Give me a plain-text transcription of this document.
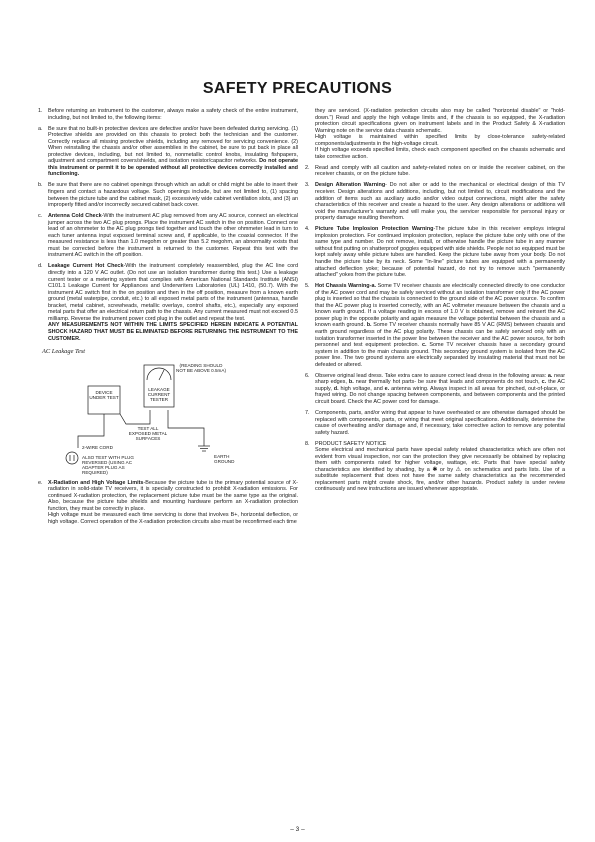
SAFETY PRECAUTIONS
1.	Before returning an instrument to the customer, always make a safety check of the entire instrument, including, but not limited to, the following items:
a.	Be sure that no built-in protective devices are defective and/or have been defeated during servicing. (1) Protective shields are provided on this chassis to protect both the technician and the customer. Correctly replace all missing protective shields, including any removed for servicing convenience. (2) When reinstalling the chassis and/or other assemblies in the cabinet, be sure to put back in place all protective devices, including, but not limited to, nonmetallic control knobs, insulating fishpapers, adjustment and compartment covers/shields, and isolation resistor/capacitor networks. Do not operate this instrument or permit it to be operated without all protective devices correctly installed and functioning.
b.	Be sure that there are no cabinet openings through which an adult or child might be able to insert their fingers and contact a hazardous voltage. Such openings include, but are not limited to, (1) spacing between the picture tube and the cabinet mask, (2) excessively wide cabinet ventilation slots, and (3) an improperly fitted and/or incorrectly secured cabinet back cover.
c.	Antenna Cold Check-With the instrument AC plug removed from any AC source, connect an electrical jumper across the two AC plug prongs. Place the instrument AC switch in the on position. Connect one lead of an ohmmeter to the AC plug prongs tied together and touch the other ohmmeter lead in turn to each tuner antenna input exposed terminal screw and, if applicable, to the coaxial connector. If the measured resistance is less than 1.0 megohm or greater than 5.2 megohm, an abnormality exists that must be corrected before the instrument is returned to the customer. Repeat this test with the instrument AC switch in the off position.
d.	Leakage Current Hot Check-With the instrument completely reassembled, plug the AC line cord directly into a 120 V AC outlet. (Do not use an isolation transformer during this test.) Use a leakage current tester or a metering system that complies with American National Standards Institute (ANSI) C101.1 Leakage Current for Appliances and Underwriters Laboratories (UL) 1410, (50.7). With the instrument AC switch first in the on position and then in the off position, measure from a known earth ground (metal waterpipe, conduit, etc.) to all exposed metal parts of the instrument (antennas, handle bracket, metal cabinet, screwheads, metallic overlays, control shafts, etc.), especially any exposed metal parts that offer an electrical return path to the chassis. Any current measured must not exceed 0.5 milliamp. Reverse the instrument power cord plug in the outlet and repeat the test.
ANY MEASUREMENTS NOT WITHIN THE LIMITS SPECIFIED HEREIN INDICATE A POTENTIAL SHOCK HAZARD THAT MUST BE ELIMINATED BEFORE RETURNING THE INSTRUMENT TO THE CUSTOMER.
AC Leakage Test
(READING SHOULD NOT BE ABOVE 0.5mA)
LEAKAGE CURRENT TESTER
DEVICE UNDER TEST
TEST ALL EXPOSED METAL SURFACES
2-WIRE CORD
ALSO TEST WITH PLUG REVERSED (USING AC ADAPTER PLUG AS REQUIRED)
EARTH GROUND
e.	X-Radiation and High Voltage Limits-Because the picture tube is the primary potential source of X-radiation in solid-state TV receivers, it is specially constructed to prohibit X-radiation emissions. For continued X-radiation protection, the replacement picture tube must be the same type as the original. Also, because the picture tube shields and mounting hardware perform an X-radiation protection function, they must be correctly in place.
High voltage must be measured each time servicing is done that involves B+, horizontal deflection, or high voltage. Correct operation of the X-radiation protection circuits also must be reconfirmed each time

they are serviced. (X-radiation protection circuits also may be called "horizontal disable" or "hold-down.") Read and apply the high voltage limits and, if the chassis is so equipped, the X-radiation protection circuit specifications given on instrument labels and in the Product Safety & X-radiation Warning note on the service data chassis schematic.

High voltage is maintained within specified limits by close-tolerance safety-related components/adjustments in the high-voltage circuit.

If high voltage exceeds specified limits, check each component specified on the chassis schematic and take corrective action.

2.	Read and comply with all caution and safety-related notes on or inside the receiver cabinet, on the receiver chassis, or on the picture tube.
3.	Design Alteration Warning- Do not alter or add to the mechanical or electrical design of this TV receiver. Design alterations and additions, including, but not limited to, circuit modifications and the addition of items such as auxiliary audio and/or video output connections, might alter the safety characteristics of this receiver and create a hazard to the user. Any design alterations or additions will void the manufacturer's warranty and will make you, the servicer responsible for personal injury or property damage resulting therefrom.
4.	Picture Tube Implosion Protection Warning-The picture tube in this receiver employs integral implosion protection. For continued implosion protection, replace the picture tube only with one of the same type and number. Do not remove, install, or otherwise handle the picture tube in any manner without first putting on shatterproof goggles equipped with side shields. People not so equipped must be kept safely away while picture tubes are handled. Keep the picture tube away from your body. Do not handle the picture tube by its neck. Some "in-line" picture tubes are equipped with a permanently attached deflection yoke; because of potential hazard, do not try to remove such "permanently attached" yokes from the picture tube.
5.	Hot Chassis Warning-a. Some TV receiver chassis are electrically connected directly to one conductor of the AC power cord and may be safely serviced without an isolation transformer only if the AC power plug is inserted so that the chassis is connected to the ground side of the AC power source. To confirm that the AC power plug is inserted correctly, with an AC voltmeter measure between the chassis and a known earth ground. If a voltage reading in excess of 1.0 V is obtained, remove and reinsert the AC power plug in the opposite polarity and again measure the voltage potential between the chassis and a known earth ground. b. Some TV receiver chassis normally have 85 V AC (RMS) between chassis and earth ground regardless of the AC plug polarity. These chassis can be safely serviced only with an isolation transformer inserted in the power line between the receiver and the AC power source, for both personnel and test equipment protection. c. Some TV receiver chassis have a secondary ground system in addition to the main chassis ground. This secondary ground system is isolated from the AC power line. The two ground systems are electrically separated by insulating material that must not be defeated or altered.
6.	Observe original lead dress. Take extra care to assure correct lead dress in the following areas: a. near sharp edges, b. near thermally hot parts- be sure that leads and components do not touch, c. the AC supply, d. high voltage, and e. antenna wiring. Always inspect in all areas for pinched, out-of-place, or frayed wiring. Do not change spacing between components, and between components and the printed circuit board. Check the AC power cord for damage.
7.	Components, parts, and/or wiring that appear to have overheated or are otherwise damaged should be replaced with components, parts, or wiring that meet original specifications. Additionally, determine the cause of overheating and/or damage and, if necessary, take corrective action to remove any potential safety hazard.
8.	PRODUCT SAFETY NOTICE
Some electrical and mechanical parts have special safety related characteristics which are often not evident from visual inspection, nor can the protection they give necessarily be obtained by replacing them with components rated for higher voltage, wattage, etc. Parts that have special safety characteristics are identified by shading, by a ✱ or by ⚠ on schematics and parts lists. Use of a substitute replacement that does not have the same safety characteristics as the recommended replacement parts might create shock, fire, and/or other hazards. Product safety is under review continuously and new instructions are issued whenever appropriate.
– 3 –
